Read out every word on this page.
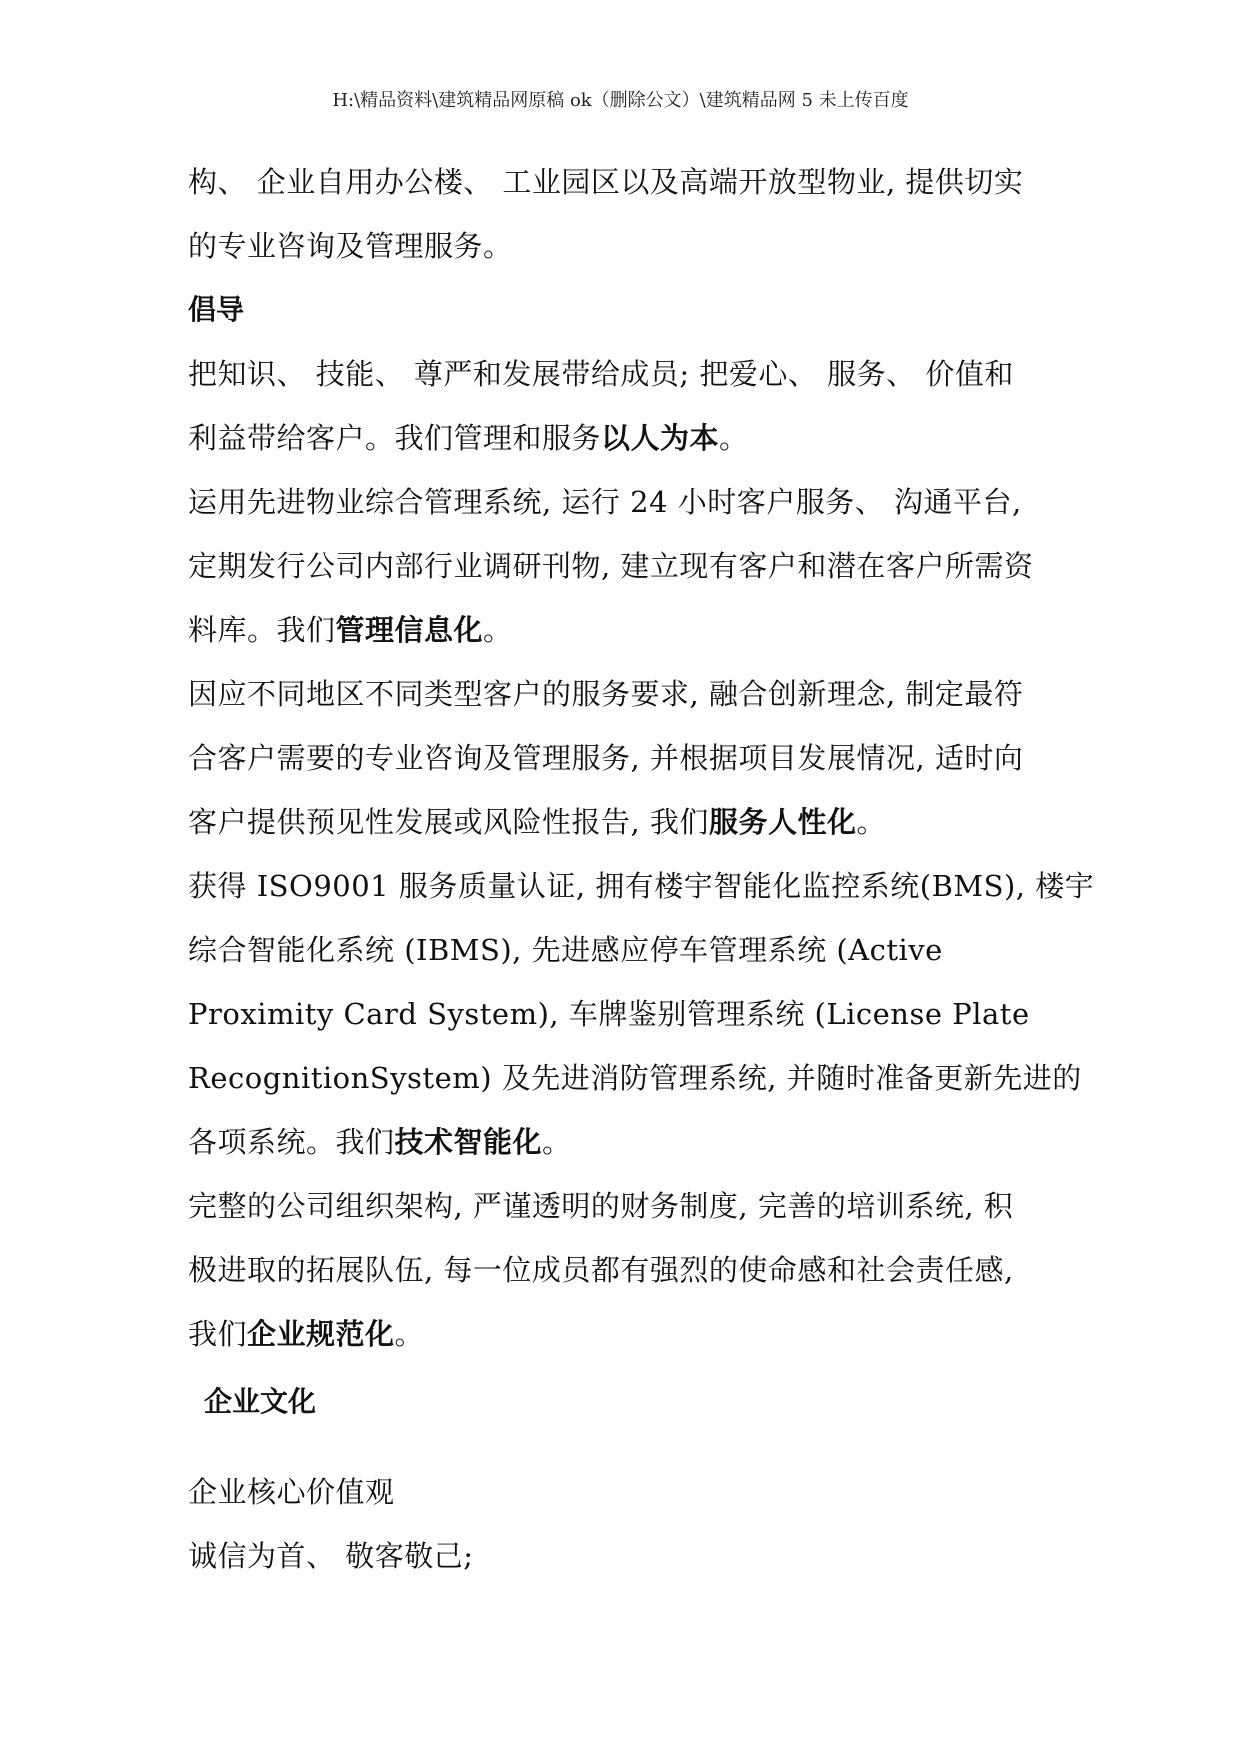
H:\精品资料\建筑精品网原稿 ok（删除公文）\建筑精品网 5 未上传百度
构、 企业自用办公楼、 工业园区以及高端开放型物业, 提供切实
的专业咨询及管理服务。
倡导
把知识、 技能、 尊严和发展带给成员; 把爱心、 服务、 价值和
利益带给客户。我们管理和服务以人为本。
运用先进物业综合管理系统, 运行 24 小时客户服务、 沟通平台,
定期发行公司内部行业调研刊物, 建立现有客户和潜在客户所需资
料库。我们管理信息化。
因应不同地区不同类型客户的服务要求, 融合创新理念, 制定最符
合客户需要的专业咨询及管理服务, 并根据项目发展情况, 适时向
客户提供预见性发展或风险性报告, 我们服务人性化。
获得 ISO9001 服务质量认证, 拥有楼宇智能化监控系统(BMS), 楼宇
综合智能化系统 (IBMS), 先进感应停车管理系统 (Active
Proximity Card System), 车牌鉴别管理系统 (License Plate
RecognitionSystem) 及先进消防管理系统, 并随时准备更新先进的
各项系统。我们技术智能化。
完整的公司组织架构, 严谨透明的财务制度, 完善的培训系统, 积
极进取的拓展队伍, 每一位成员都有强烈的使命感和社会责任感,
我们企业规范化。
企业文化
企业核心价值观
诚信为首、 敬客敬己;
